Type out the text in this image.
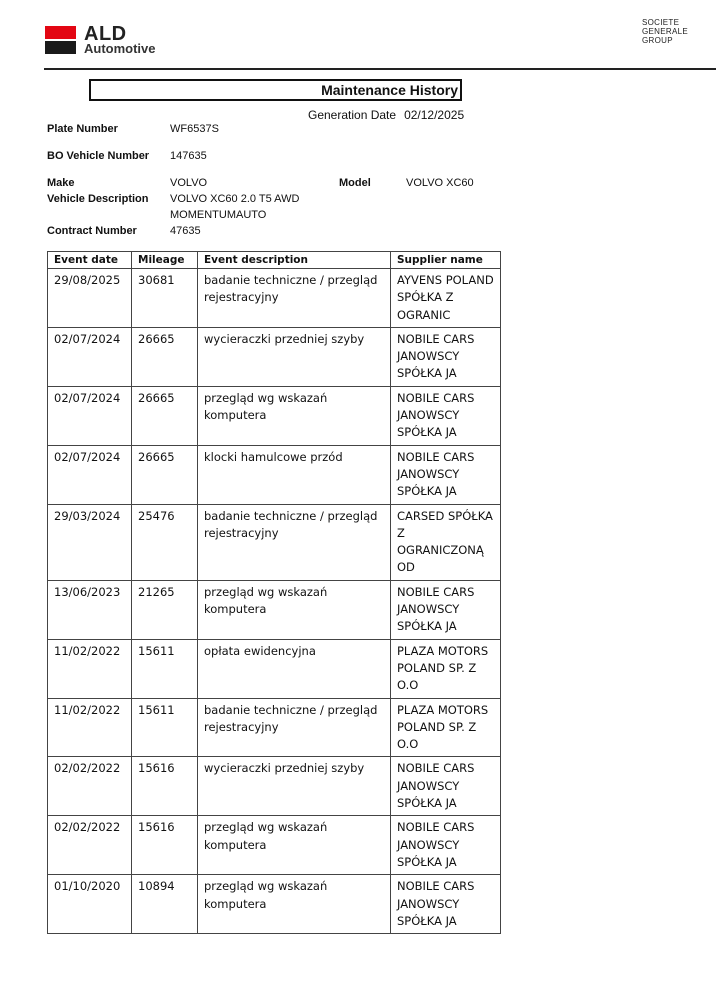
ALD
Automotive
SOCIETE
GENERALE
GROUP
Maintenance History
Generation Date 02/12/2025
Plate Number	WF6537S
BO Vehicle Number 147635
Make	VOLVO	Model	VOLVO XC60
Vehicle Description VOLVO XC60 2.0 T5 AWD MOMENTUMAUTO
Contract Number	47635
Event date	Mileage	Event description	Supplier name
29/08/2025	30681	badanie techniczne / przegląd rejestracyjny	AYVENS POLAND SPÓŁKA Z OGRANIC
02/07/2024	26665	wycieraczki przedniej szyby	NOBILE CARS JANOWSCY SPÓŁKA JA
02/07/2024	26665	przegląd wg wskazań komputera	NOBILE CARS JANOWSCY SPÓŁKA JA
02/07/2024	26665	klocki hamulcowe przód	NOBILE CARS JANOWSCY SPÓŁKA JA
29/03/2024	25476	badanie techniczne / przegląd rejestracyjny	CARSED SPÓŁKA Z OGRANICZONĄ OD
13/06/2023	21265	przegląd wg wskazań komputera	NOBILE CARS JANOWSCY SPÓŁKA JA
11/02/2022	15611	opłata ewidencyjna	PLAZA MOTORS POLAND SP. Z O.O
11/02/2022	15611	badanie techniczne / przegląd rejestracyjny	PLAZA MOTORS POLAND SP. Z O.O
02/02/2022	15616	wycieraczki przedniej szyby	NOBILE CARS JANOWSCY SPÓŁKA JA
02/02/2022	15616	przegląd wg wskazań komputera	NOBILE CARS JANOWSCY SPÓŁKA JA
01/10/2020	10894	przegląd wg wskazań komputera	NOBILE CARS JANOWSCY SPÓŁKA JA
